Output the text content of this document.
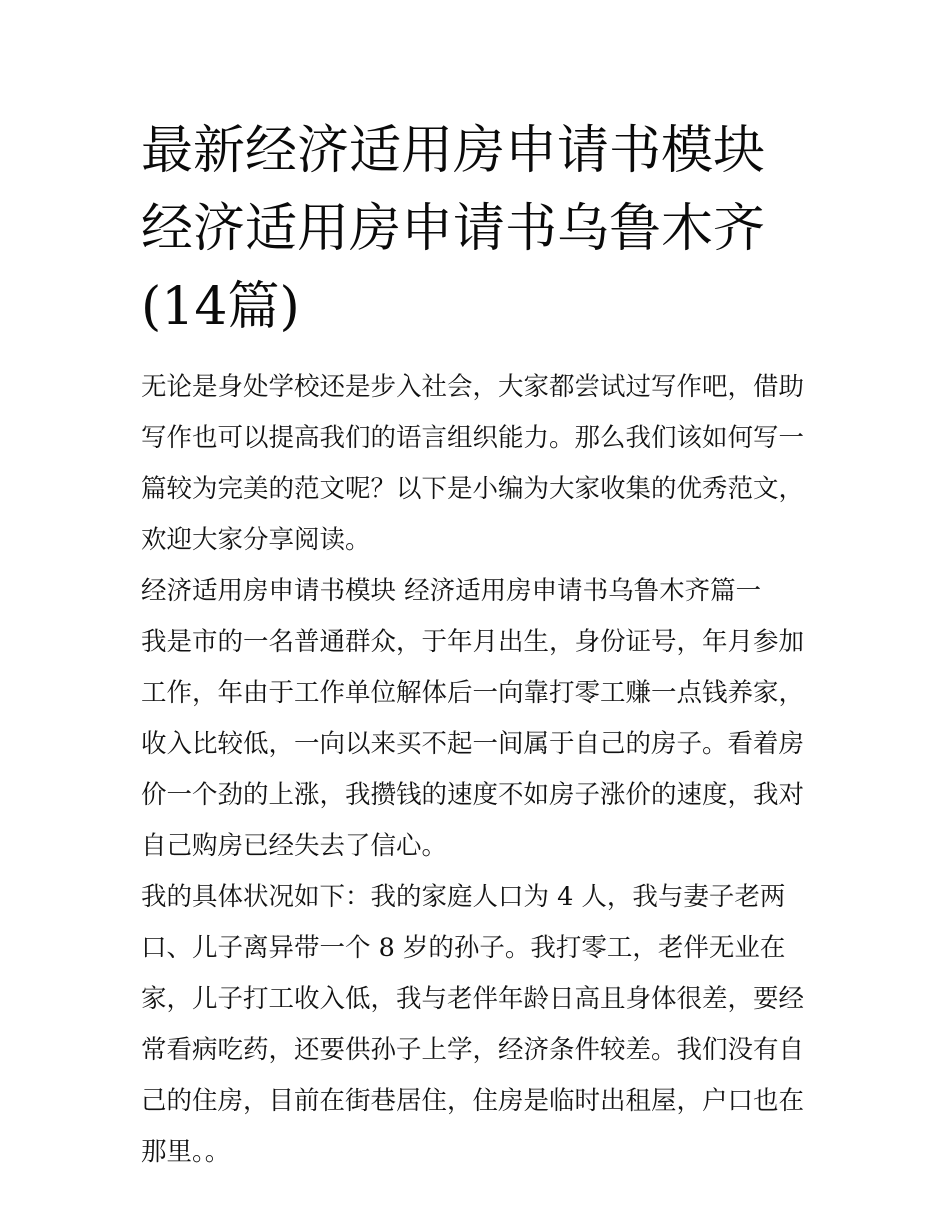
最新经济适用房申请书模块 经济适用房申请书乌鲁木齐(14篇)

无论是身处学校还是步入社会，大家都尝试过写作吧，借助写作也可以提高我们的语言组织能力。那么我们该如何写一篇较为完美的范文呢？以下是小编为大家收集的优秀范文，欢迎大家分享阅读。

经济适用房申请书模块 经济适用房申请书乌鲁木齐篇一

我是市的一名普通群众，于年月出生，身份证号，年月参加工作，年由于工作单位解体后一向靠打零工赚一点钱养家，收入比较低，一向以来买不起一间属于自己的房子。看着房价一个劲的上涨，我攒钱的速度不如房子涨价的速度，我对自己购房已经失去了信心。

我的具体状况如下：我的家庭人口为 4 人，我与妻子老两口、儿子离异带一个 8 岁的孙子。我打零工，老伴无业在家，儿子打工收入低，我与老伴年龄日高且身体很差，要经常看病吃药，还要供孙子上学，经济条件较差。我们没有自己的住房，目前在街巷居住，住房是临时出租屋，户口也在那里。。
